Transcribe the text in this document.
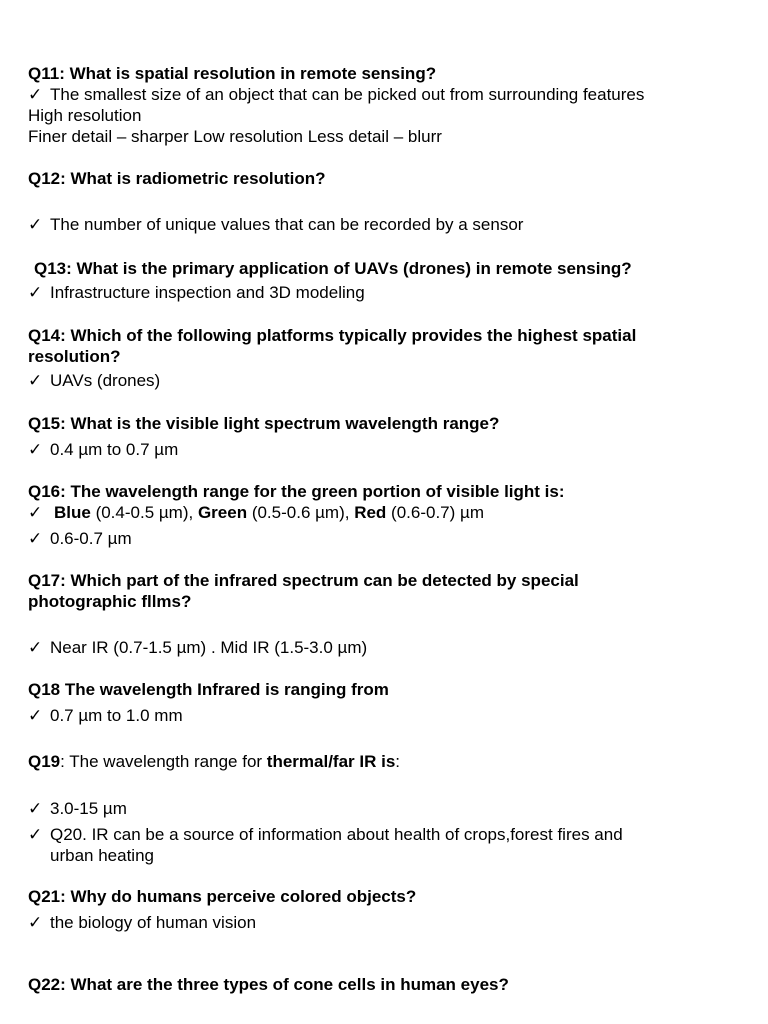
Q11: What is spatial resolution in remote sensing?
✓ The smallest size of an object that can be picked out from surrounding features
High resolution
Finer detail – sharper Low resolution Less detail – blurr
Q12: What is radiometric resolution?
✓ The number of unique values that can be recorded by a sensor
Q13: What is the primary application of UAVs (drones) in remote sensing?
✓ Infrastructure inspection and 3D modeling
Q14: Which of the following platforms typically provides the highest spatial
resolution?
✓ UAVs (drones)
Q15: What is the visible light spectrum wavelength range?
✓ 0.4 µm to 0.7 µm
Q16: The wavelength range for the green portion of visible light is:
✓ Blue (0.4-0.5 µm), Green (0.5-0.6 µm), Red (0.6-0.7) µm
✓ 0.6-0.7 µm
Q17: Which part of the infrared spectrum can be detected by special
photographic fllms?
✓ Near IR (0.7-1.5 µm) . Mid IR (1.5-3.0 µm)
Q18 The wavelength Infrared is ranging from
✓ 0.7 µm to 1.0 mm
Q19: The wavelength range for thermal/far IR is:
✓ 3.0-15 µm
✓ Q20. IR can be a source of information about health of crops,forest fires and
urban heating
Q21: Why do humans perceive colored objects?
✓ the biology of human vision
Q22: What are the three types of cone cells in human eyes?
